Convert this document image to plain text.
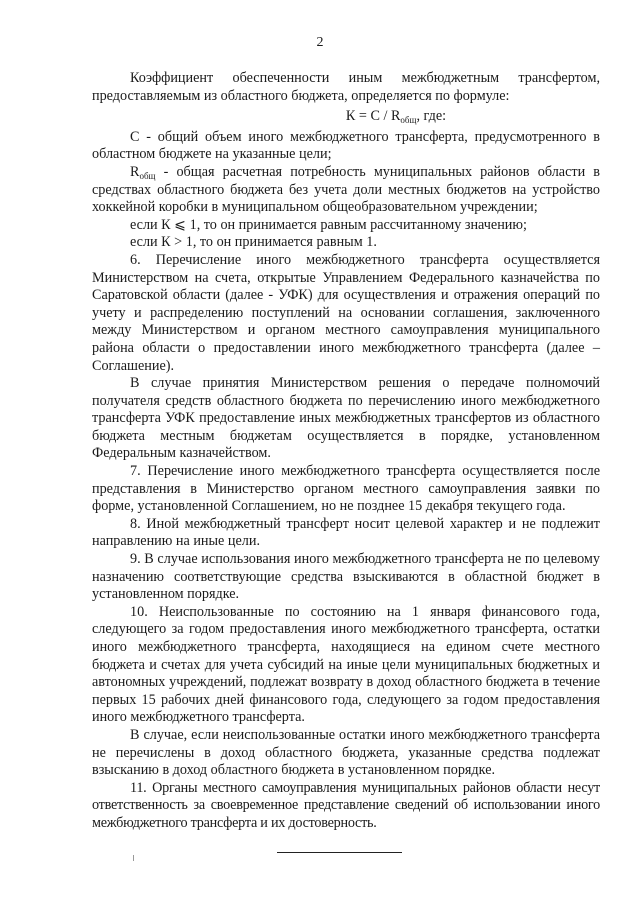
2

Коэффициент обеспеченности иным межбюджетным трансфертом, предоставляемым из областного бюджета, определяется по формуле:

$К = С / R_{общ}$, где:

С - общий объем иного межбюджетного трансферта, предусмотренного в областном бюджете на указанные цели;

$R_{общ}$ - общая расчетная потребность муниципальных районов области в средствах областного бюджета без учета доли местных бюджетов на устройство хоккейной коробки в муниципальном общеобразовательном учреждении;

если К ⩽ 1, то он принимается равным рассчитанному значению;

если К > 1, то он принимается равным 1.

6. Перечисление иного межбюджетного трансферта осуществляется Министерством на счета, открытые Управлением Федерального казначейства по Саратовской области (далее - УФК) для осуществления и отражения операций по учету и распределению поступлений на основании соглашения, заключенного между Министерством и органом местного самоуправления муниципального района области о предоставлении иного межбюджетного трансферта (далее – Соглашение).

В случае принятия Министерством решения о передаче полномочий получателя средств областного бюджета по перечислению иного межбюджетного трансферта УФК предоставление иных межбюджетных трансфертов из областного бюджета местным бюджетам осуществляется в порядке, установленном Федеральным казначейством.

7. Перечисление иного межбюджетного трансферта осуществляется после представления в Министерство органом местного самоуправления заявки по форме, установленной Соглашением, но не позднее 15 декабря текущего года.

8. Иной межбюджетный трансферт носит целевой характер и не подлежит направлению на иные цели.

9. В случае использования иного межбюджетного трансферта не по целевому назначению соответствующие средства взыскиваются в областной бюджет в установленном порядке.

10. Неиспользованные по состоянию на 1 января финансового года, следующего за годом предоставления иного межбюджетного трансферта, остатки иного межбюджетного трансферта, находящиеся на едином счете местного бюджета и счетах для учета субсидий на иные цели муниципальных бюджетных и автономных учреждений, подлежат возврату в доход областного бюджета в течение первых 15 рабочих дней финансового года, следующего за годом предоставления иного межбюджетного трансферта.

В случае, если неиспользованные остатки иного межбюджетного трансферта не перечислены в доход областного бюджета, указанные средства подлежат взысканию в доход областного бюджета в установленном порядке.

11. Органы местного самоуправления муниципальных районов области несут ответственность за своевременное представление сведений об использовании иного межбюджетного трансферта и их достоверность.
